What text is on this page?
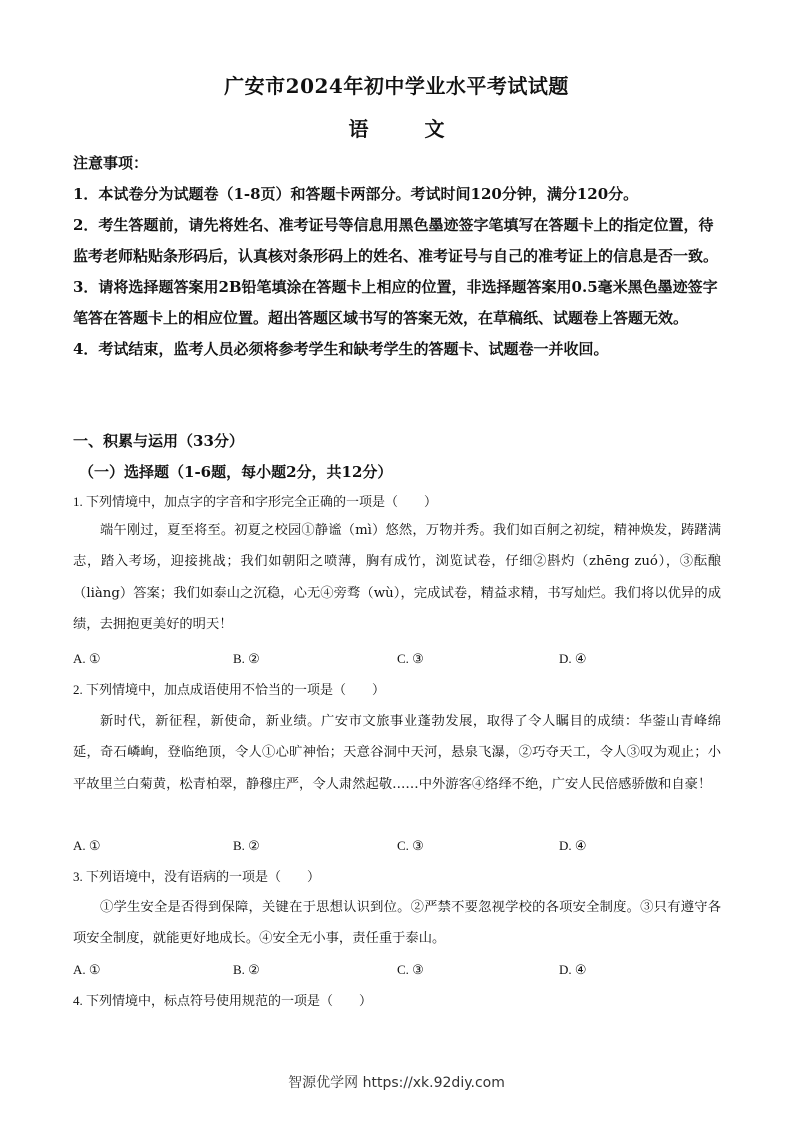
广安市2024年初中学业水平考试试题
语　文

注意事项：

1．本试卷分为试题卷（1-8页）和答题卡两部分。考试时间120分钟，满分120分。

2．考生答题前，请先将姓名、准考证号等信息用黑色墨迹签字笔填写在答题卡上的指定位置，待监考老师粘贴条形码后，认真核对条形码上的姓名、准考证号与自己的准考证上的信息是否一致。

3．请将选择题答案用2B铅笔填涂在答题卡上相应的位置，非选择题答案用0.5毫米黑色墨迹签字笔答在答题卡上的相应位置。超出答题区域书写的答案无效，在草稿纸、试题卷上答题无效。

4．考试结束，监考人员必须将参考学生和缺考学生的答题卡、试题卷一并收回。

一、积累与运用（33分）
（一）选择题（1-6题，每小题2分，共12分）
1. 下列情境中，加点字的字音和字形完全正确的一项是（　　）

端午刚过，夏至将至。初夏之校园①静谧（mì）悠然，万物并秀。我们如百舸之初绽，精神焕发，踌躇满志，踏入考场，迎接挑战；我们如朝阳之喷薄，胸有成竹，浏览试卷，仔细②斟灼（zhēng zuó），③酝酿（liàng）答案；我们如泰山之沉稳，心无④旁骛（wù），完成试卷，精益求精，书写灿烂。我们将以优异的成绩，去拥抱更美好的明天！

A. ①	B. ②	C. ③	D. ④
2. 下列情境中，加点成语使用不恰当的一项是（　　）

新时代，新征程，新使命，新业绩。广安市文旅事业蓬勃发展，取得了令人瞩目的成绩：华蓥山青峰绵延，奇石嶙峋，登临绝顶，令人①心旷神怡；天意谷洞中天河，悬泉飞瀑，②巧夺天工，令人③叹为观止；小平故里兰白菊黄，松青柏翠，静穆庄严，令人肃然起敬……中外游客④络绎不绝，广安人民倍感骄傲和自豪！

A. ①	B. ②	C. ③	D. ④
3. 下列语境中，没有语病的一项是（　　）

①学生安全是否得到保障，关键在于思想认识到位。②严禁不要忽视学校的各项安全制度。③只有遵守各项安全制度，就能更好地成长。④安全无小事，责任重于泰山。

A. ①	B. ②	C. ③	D. ④
4. 下列情境中，标点符号使用规范的一项是（　　）
智源优学网 https://xk.92diy.com
